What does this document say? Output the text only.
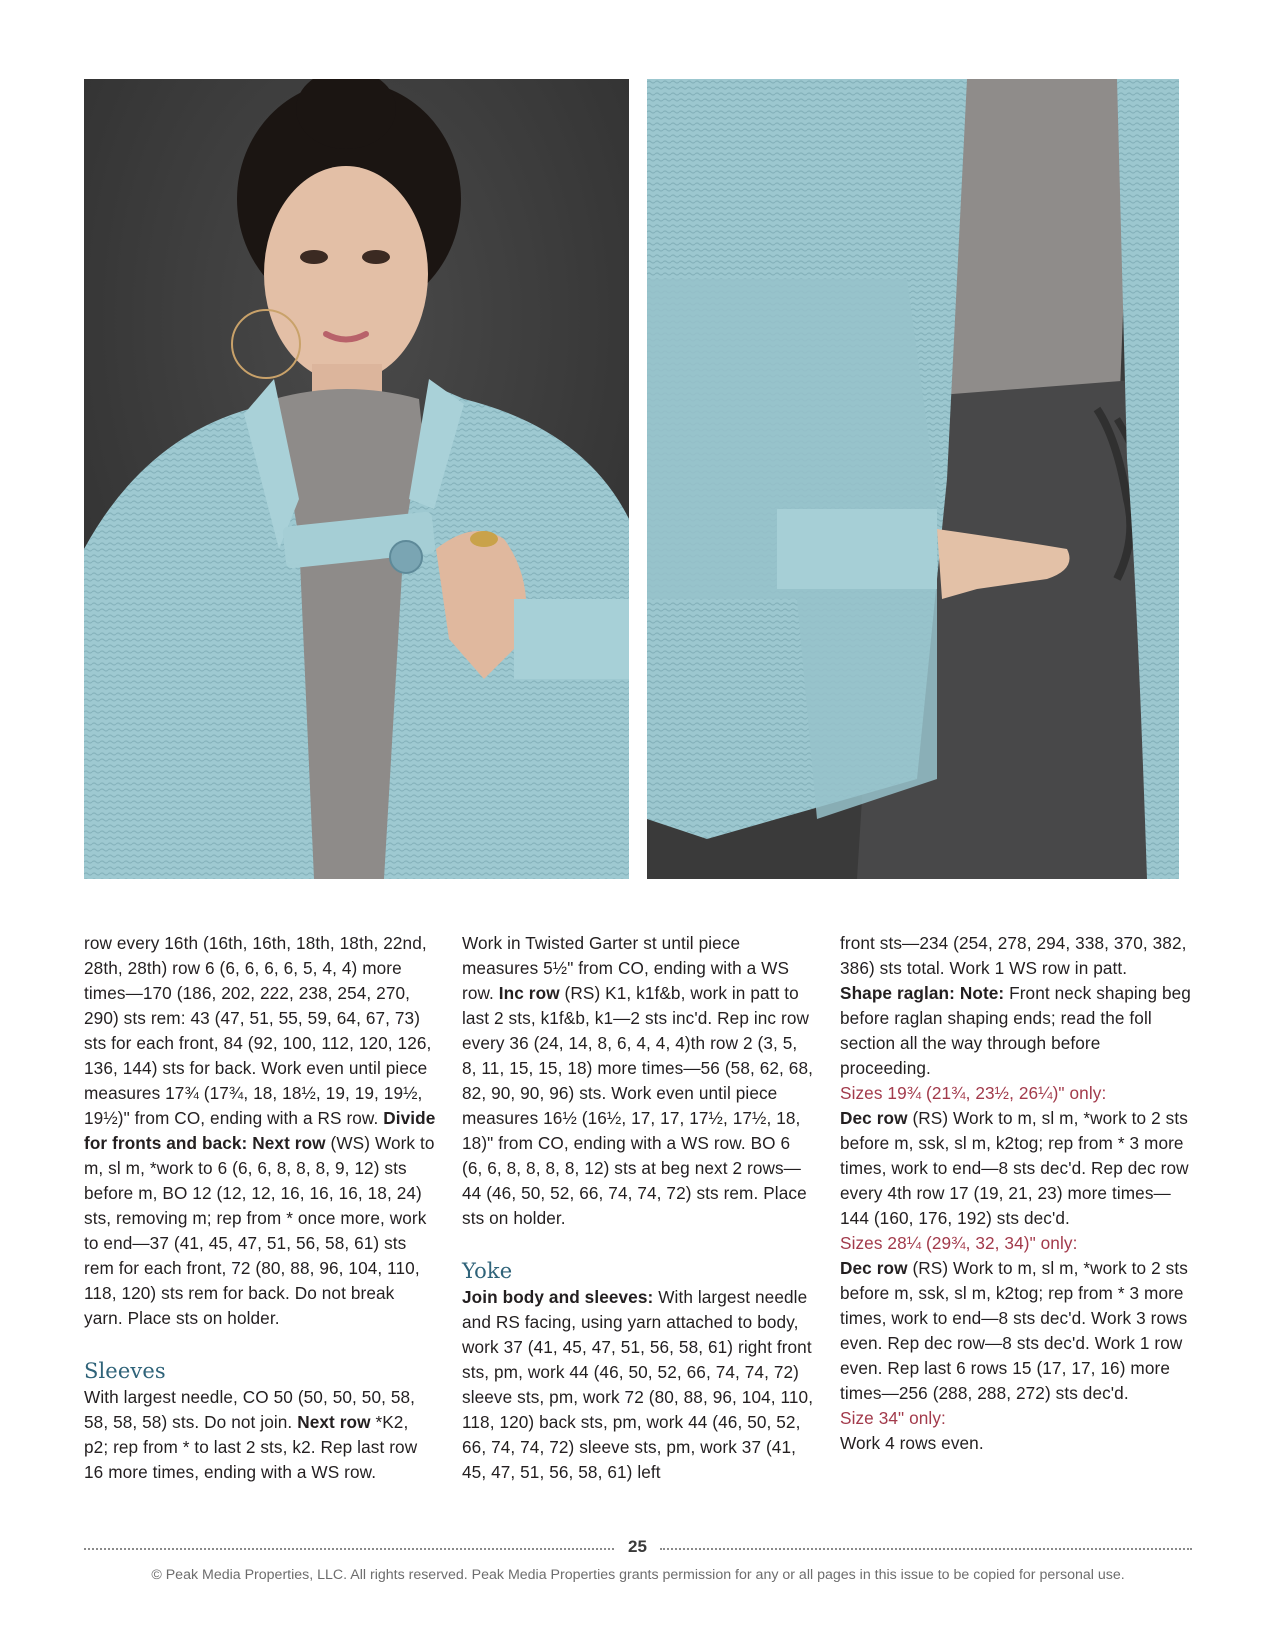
row every 16th (16th, 16th, 18th, 18th, 22nd, 28th, 28th) row 6 (6, 6, 6, 6, 5, 4, 4) more times—170 (186, 202, 222, 238, 254, 270, 290) sts rem: 43 (47, 51, 55, 59, 64, 67, 73) sts for each front, 84 (92, 100, 112, 120, 126, 136, 144) sts for back. Work even until piece measures 17¾ (17¾, 18, 18½, 19, 19, 19½, 19½)" from CO, ending with a RS row. Divide for fronts and back: Next row (WS) Work to m, sl m, *work to 6 (6, 6, 8, 8, 8, 9, 12) sts before m, BO 12 (12, 12, 16, 16, 16, 18, 24) sts, removing m; rep from * once more, work to end—37 (41, 45, 47, 51, 56, 58, 61) sts rem for each front, 72 (80, 88, 96, 104, 110, 118, 120) sts rem for back. Do not break yarn. Place sts on holder.

Sleeves

With largest needle, CO 50 (50, 50, 50, 58, 58, 58, 58) sts. Do not join. Next row *K2, p2; rep from * to last 2 sts, k2. Rep last row 16 more times, ending with a WS row.

Work in Twisted Garter st until piece measures 5½" from CO, ending with a WS row. Inc row (RS) K1, k1f&b, work in patt to last 2 sts, k1f&b, k1—2 sts inc'd. Rep inc row every 36 (24, 14, 8, 6, 4, 4, 4)th row 2 (3, 5, 8, 11, 15, 15, 18) more times—56 (58, 62, 68, 82, 90, 90, 96) sts. Work even until piece measures 16½ (16½, 17, 17, 17½, 17½, 18, 18)" from CO, ending with a WS row. BO 6 (6, 6, 8, 8, 8, 8, 12) sts at beg next 2 rows—44 (46, 50, 52, 66, 74, 74, 72) sts rem. Place sts on holder.

Yoke

Join body and sleeves: With largest needle and RS facing, using yarn attached to body, work 37 (41, 45, 47, 51, 56, 58, 61) right front sts, pm, work 44 (46, 50, 52, 66, 74, 74, 72) sleeve sts, pm, work 72 (80, 88, 96, 104, 110, 118, 120) back sts, pm, work 44 (46, 50, 52, 66, 74, 74, 72) sleeve sts, pm, work 37 (41, 45, 47, 51, 56, 58, 61) left

front sts—234 (254, 278, 294, 338, 370, 382, 386) sts total. Work 1 WS row in patt.

Shape raglan: Note: Front neck shaping beg before raglan shaping ends; read the foll section all the way through before proceeding.

Sizes 19¾ (21¾, 23½, 26¼)" only:

Dec row (RS) Work to m, sl m, *work to 2 sts before m, ssk, sl m, k2tog; rep from * 3 more times, work to end—8 sts dec'd. Rep dec row every 4th row 17 (19, 21, 23) more times—144 (160, 176, 192) sts dec'd.

Sizes 28¼ (29¾, 32, 34)" only:

Dec row (RS) Work to m, sl m, *work to 2 sts before m, ssk, sl m, k2tog; rep from * 3 more times, work to end—8 sts dec'd. Work 3 rows even. Rep dec row—8 sts dec'd. Work 1 row even. Rep last 6 rows 15 (17, 17, 16) more times—256 (288, 288, 272) sts dec'd.

Size 34" only:

Work 4 rows even.

25
© Peak Media Properties, LLC. All rights reserved. Peak Media Properties grants permission for any or all pages in this issue to be copied for personal use.
